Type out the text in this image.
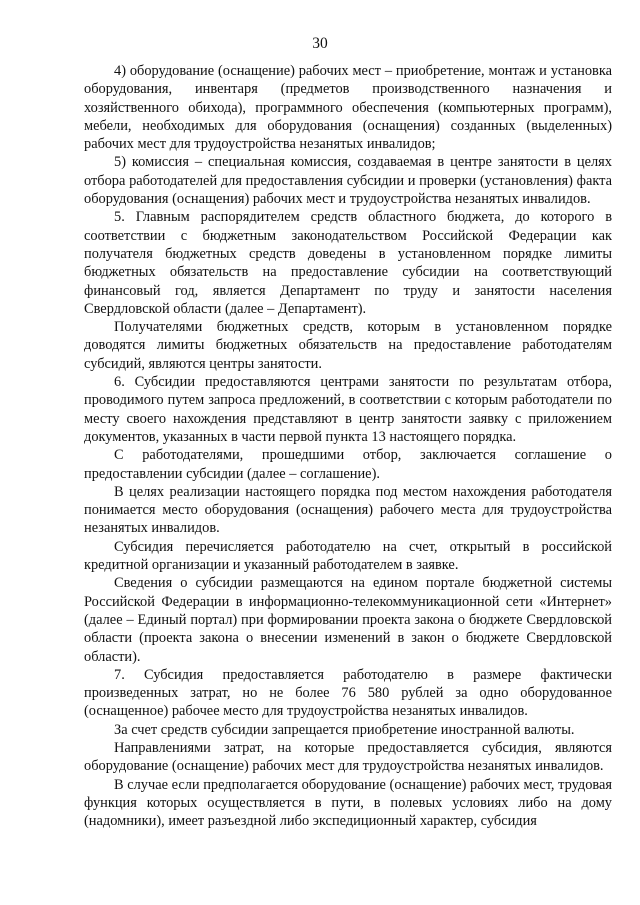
30

4) оборудование (оснащение) рабочих мест – приобретение, монтаж и установка оборудования, инвентаря (предметов производственного назначения и хозяйственного обихода), программного обеспечения (компьютерных программ), мебели, необходимых для оборудования (оснащения) созданных (выделенных) рабочих мест для трудоустройства незанятых инвалидов;

5) комиссия – специальная комиссия, создаваемая в центре занятости в целях отбора работодателей для предоставления субсидии и проверки (установления) факта оборудования (оснащения) рабочих мест и трудоустройства незанятых инвалидов.

5. Главным распорядителем средств областного бюджета, до которого в соответствии с бюджетным законодательством Российской Федерации как получателя бюджетных средств доведены в установленном порядке лимиты бюджетных обязательств на предоставление субсидии на соответствующий финансовый год, является Департамент по труду и занятости населения Свердловской области (далее – Департамент).

Получателями бюджетных средств, которым в установленном порядке доводятся лимиты бюджетных обязательств на предоставление работодателям субсидий, являются центры занятости.

6. Субсидии предоставляются центрами занятости по результатам отбора, проводимого путем запроса предложений, в соответствии с которым работодатели по месту своего нахождения представляют в центр занятости заявку с приложением документов, указанных в части первой пункта 13 настоящего порядка.

С работодателями, прошедшими отбор, заключается соглашение о предоставлении субсидии (далее – соглашение).

В целях реализации настоящего порядка под местом нахождения работодателя понимается место оборудования (оснащения) рабочего места для трудоустройства незанятых инвалидов.

Субсидия перечисляется работодателю на счет, открытый в российской кредитной организации и указанный работодателем в заявке.

Сведения о субсидии размещаются на едином портале бюджетной системы Российской Федерации в информационно-телекоммуникационной сети «Интернет» (далее – Единый портал) при формировании проекта закона о бюджете Свердловской области (проекта закона о внесении изменений в закон о бюджете Свердловской области).

7. Субсидия предоставляется работодателю в размере фактически произведенных затрат, но не более 76 580 рублей за одно оборудованное (оснащенное) рабочее место для трудоустройства незанятых инвалидов.

За счет средств субсидии запрещается приобретение иностранной валюты.

Направлениями затрат, на которые предоставляется субсидия, являются оборудование (оснащение) рабочих мест для трудоустройства незанятых инвалидов.

В случае если предполагается оборудование (оснащение) рабочих мест, трудовая функция которых осуществляется в пути, в полевых условиях либо на дому (надомники), имеет разъездной либо экспедиционный характер, субсидия
